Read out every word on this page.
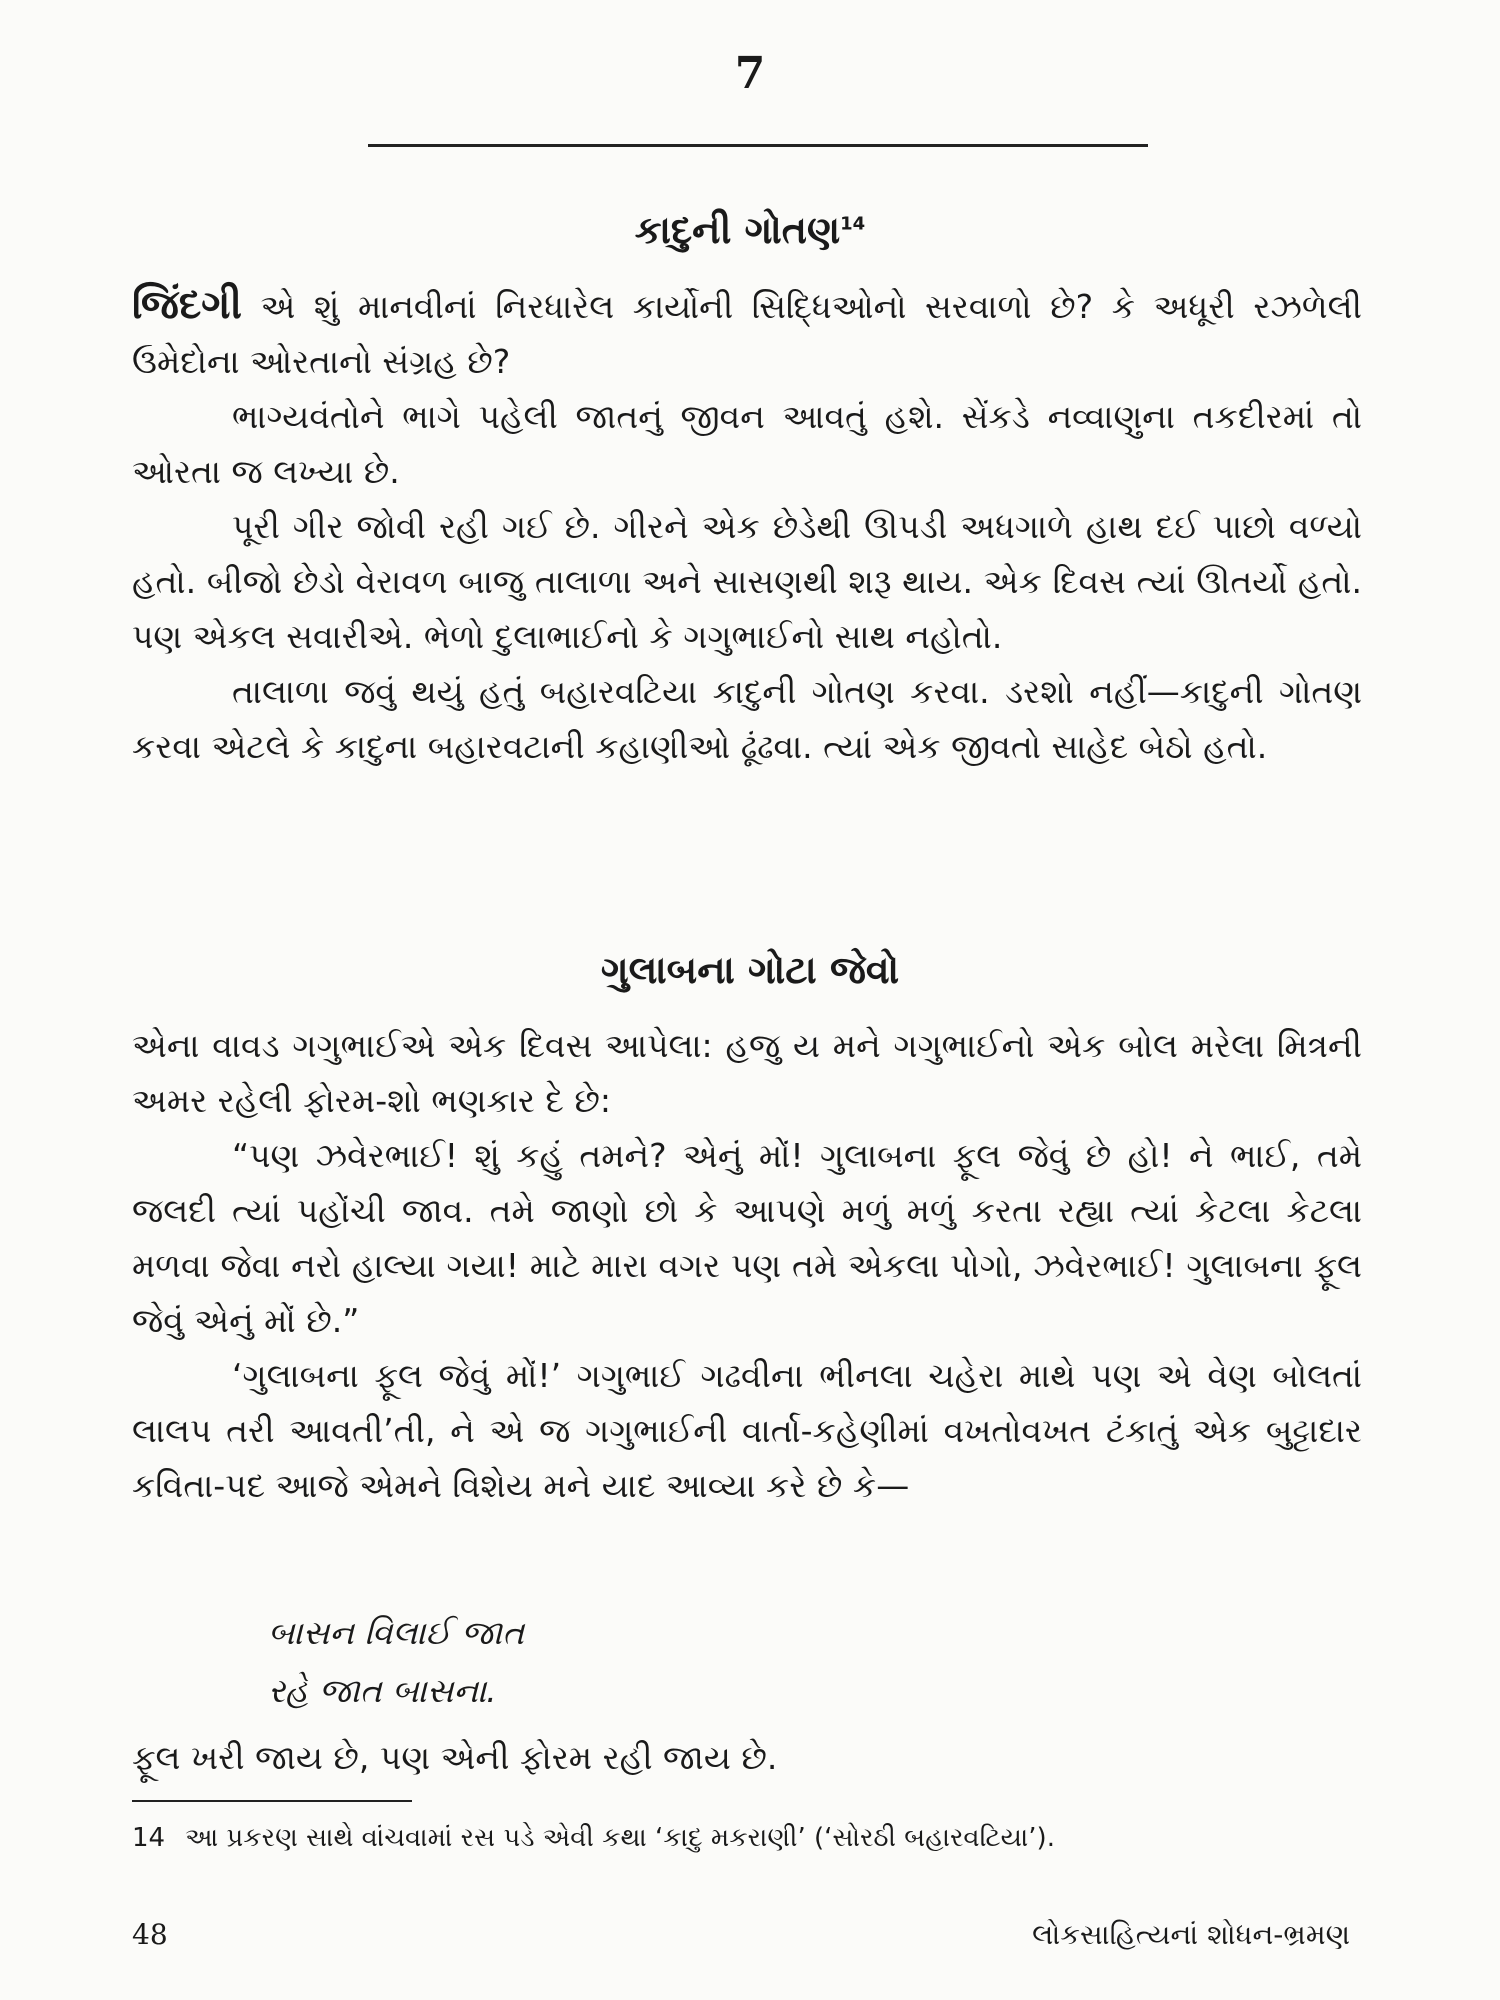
7
કાદુની ગોતણ$^{14}$

જિંદગી એ શું માનવીનાં નિરધારેલ કાર્યોની સિદ્ધિઓનો સરવાળો છે? કે અધૂરી રઝળેલી ઉમેદોના ઓરતાનો સંગ્રહ છે?

ભાગ્યવંતોને ભાગે પહેલી જાતનું જીવન આવતું હશે. સેંકડે નવ્વાણુના તકદીરમાં તો ઓરતા જ લખ્યા છે.

પૂરી ગીર જોવી રહી ગઈ છે. ગીરને એક છેડેથી ઊપડી અધગાળે હાથ દઈ પાછો વળ્યો હતો. બીજો છેડો વેરાવળ બાજુ તાલાળા અને સાસણથી શરૂ થાય. એક દિવસ ત્યાં ઊતર્યો હતો. પણ એકલ સવારીએ. ભેળો દુલાભાઈનો કે ગગુભાઈનો સાથ નહોતો.

તાલાળા જવું થયું હતું બહારવટિયા કાદુની ગોતણ કરવા. ડરશો નહીં—કાદુની ગોતણ કરવા એટલે કે કાદુના બહારવટાની કહાણીઓ ઢૂંઢવા. ત્યાં એક જીવતો સાહેદ બેઠો હતો.

ગુલાબના ગોટા જેવો

એના વાવડ ગગુભાઈએ એક દિવસ આપેલા: હજુ ય મને ગગુભાઈનો એક બોલ મરેલા મિત્રની અમર રહેલી ફોરમ-શો ભણકાર દે છે:

“પણ ઝવેરભાઈ! શું કહું તમને? એનું મોં! ગુલાબના ફૂલ જેવું છે હો! ને ભાઈ, તમે જલદી ત્યાં પહોંચી જાવ. તમે જાણો છો કે આપણે મળું મળું કરતા રહ્યા ત્યાં કેટલા કેટલા મળવા જેવા નરો હાલ્યા ગયા! માટે મારા વગર પણ તમે એકલા પોગો, ઝવેરભાઈ! ગુલાબના ફૂલ જેવું એનું મોં છે.”

‘ગુલાબના ફૂલ જેવું મોં!’ ગગુભાઈ ગઢવીના ભીનલા ચહેરા માથે પણ એ વેણ બોલતાં લાલપ તરી આવતી’તી, ને એ જ ગગુભાઈની વાર્તા-કહેણીમાં વખતોવખત ટંકાતું એક બુટ્ટાદાર કવિતા-પદ આજે એમને વિશેય મને યાદ આવ્યા કરે છે કે—

બાસન વિલાઈ જાત
રહે જાત બાસના.
ફૂલ ખરી જાય છે, પણ એની ફોરમ રહી જાય છે.
14 આ પ્રકરણ સાથે વાંચવામાં રસ પડે એવી કથા ‘કાદુ મકરાણી’ (‘સોરઠી બહારવટિયા’).
48	લોકસાહિત્યનાં શોધન-ભ્રમણ
